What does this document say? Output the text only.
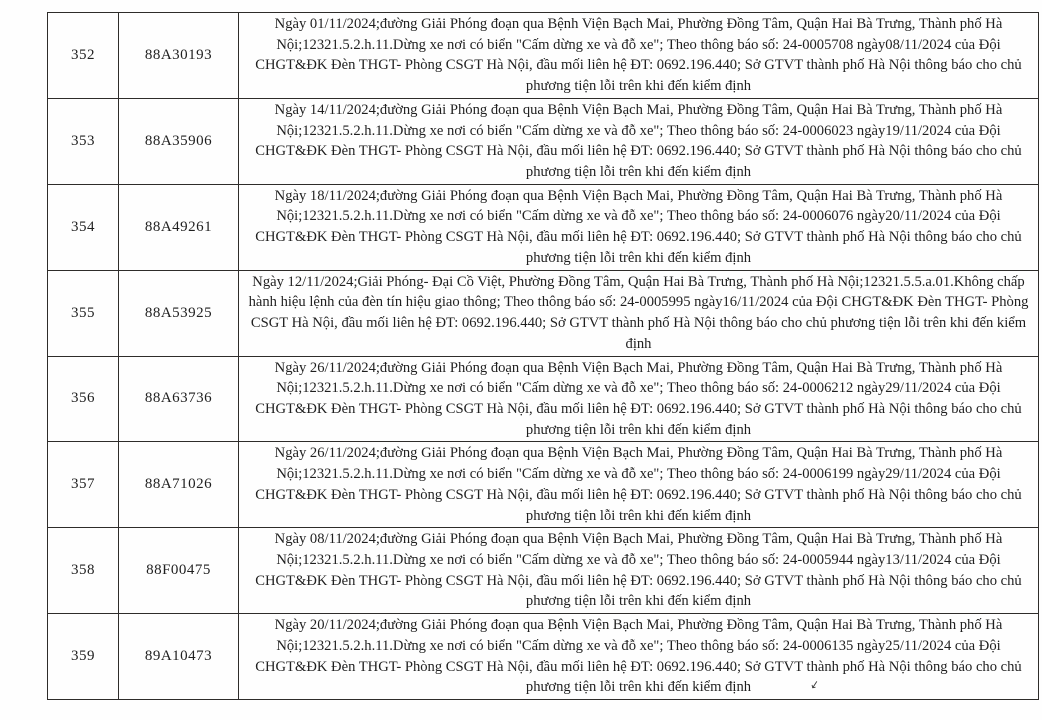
352	88A30193	Ngày 01/11/2024;đường Giải Phóng đoạn qua Bệnh Viện Bạch Mai, Phường Đồng Tâm, Quận Hai Bà Trưng, Thành phố Hà Nội;12321.5.2.h.11.Dừng xe nơi có biển "Cấm dừng xe và đỗ xe"; Theo thông báo số: 24-0005708 ngày08/11/2024 của Đội CHGT&ĐK Đèn THGT- Phòng CSGT Hà Nội, đầu mối liên hệ ĐT: 0692.196.440; Sở GTVT thành phố Hà Nội thông báo cho chủ phương tiện lỗi trên khi đến kiểm định
353	88A35906	Ngày 14/11/2024;đường Giải Phóng đoạn qua Bệnh Viện Bạch Mai, Phường Đồng Tâm, Quận Hai Bà Trưng, Thành phố Hà Nội;12321.5.2.h.11.Dừng xe nơi có biển "Cấm dừng xe và đỗ xe"; Theo thông báo số: 24-0006023 ngày19/11/2024 của Đội CHGT&ĐK Đèn THGT- Phòng CSGT Hà Nội, đầu mối liên hệ ĐT: 0692.196.440; Sở GTVT thành phố Hà Nội thông báo cho chủ phương tiện lỗi trên khi đến kiểm định
354	88A49261	Ngày 18/11/2024;đường Giải Phóng đoạn qua Bệnh Viện Bạch Mai, Phường Đồng Tâm, Quận Hai Bà Trưng, Thành phố Hà Nội;12321.5.2.h.11.Dừng xe nơi có biển "Cấm dừng xe và đỗ xe"; Theo thông báo số: 24-0006076 ngày20/11/2024 của Đội CHGT&ĐK Đèn THGT- Phòng CSGT Hà Nội, đầu mối liên hệ ĐT: 0692.196.440; Sở GTVT thành phố Hà Nội thông báo cho chủ phương tiện lỗi trên khi đến kiểm định
355	88A53925	Ngày 12/11/2024;Giải Phóng- Đại Cồ Việt, Phường Đồng Tâm, Quận Hai Bà Trưng, Thành phố Hà Nội;12321.5.5.a.01.Không chấp hành hiệu lệnh của đèn tín hiệu giao thông; Theo thông báo số: 24-0005995 ngày16/11/2024 của Đội CHGT&ĐK Đèn THGT- Phòng CSGT Hà Nội, đầu mối liên hệ ĐT: 0692.196.440; Sở GTVT thành phố Hà Nội thông báo cho chủ phương tiện lỗi trên khi đến kiểm định
356	88A63736	Ngày 26/11/2024;đường Giải Phóng đoạn qua Bệnh Viện Bạch Mai, Phường Đồng Tâm, Quận Hai Bà Trưng, Thành phố Hà Nội;12321.5.2.h.11.Dừng xe nơi có biển "Cấm dừng xe và đỗ xe"; Theo thông báo số: 24-0006212 ngày29/11/2024 của Đội CHGT&ĐK Đèn THGT- Phòng CSGT Hà Nội, đầu mối liên hệ ĐT: 0692.196.440; Sở GTVT thành phố Hà Nội thông báo cho chủ phương tiện lỗi trên khi đến kiểm định
357	88A71026	Ngày 26/11/2024;đường Giải Phóng đoạn qua Bệnh Viện Bạch Mai, Phường Đồng Tâm, Quận Hai Bà Trưng, Thành phố Hà Nội;12321.5.2.h.11.Dừng xe nơi có biển "Cấm dừng xe và đỗ xe"; Theo thông báo số: 24-0006199 ngày29/11/2024 của Đội CHGT&ĐK Đèn THGT- Phòng CSGT Hà Nội, đầu mối liên hệ ĐT: 0692.196.440; Sở GTVT thành phố Hà Nội thông báo cho chủ phương tiện lỗi trên khi đến kiểm định
358	88F00475	Ngày 08/11/2024;đường Giải Phóng đoạn qua Bệnh Viện Bạch Mai, Phường Đồng Tâm, Quận Hai Bà Trưng, Thành phố Hà Nội;12321.5.2.h.11.Dừng xe nơi có biển "Cấm dừng xe và đỗ xe"; Theo thông báo số: 24-0005944 ngày13/11/2024 của Đội CHGT&ĐK Đèn THGT- Phòng CSGT Hà Nội, đầu mối liên hệ ĐT: 0692.196.440; Sở GTVT thành phố Hà Nội thông báo cho chủ phương tiện lỗi trên khi đến kiểm định
359	89A10473	Ngày 20/11/2024;đường Giải Phóng đoạn qua Bệnh Viện Bạch Mai, Phường Đồng Tâm, Quận Hai Bà Trưng, Thành phố Hà Nội;12321.5.2.h.11.Dừng xe nơi có biển "Cấm dừng xe và đỗ xe"; Theo thông báo số: 24-0006135 ngày25/11/2024 của Đội CHGT&ĐK Đèn THGT- Phòng CSGT Hà Nội, đầu mối liên hệ ĐT: 0692.196.440; Sở GTVT thành phố Hà Nội thông báo cho chủ phương tiện lỗi trên khi đến kiểm định	↙
